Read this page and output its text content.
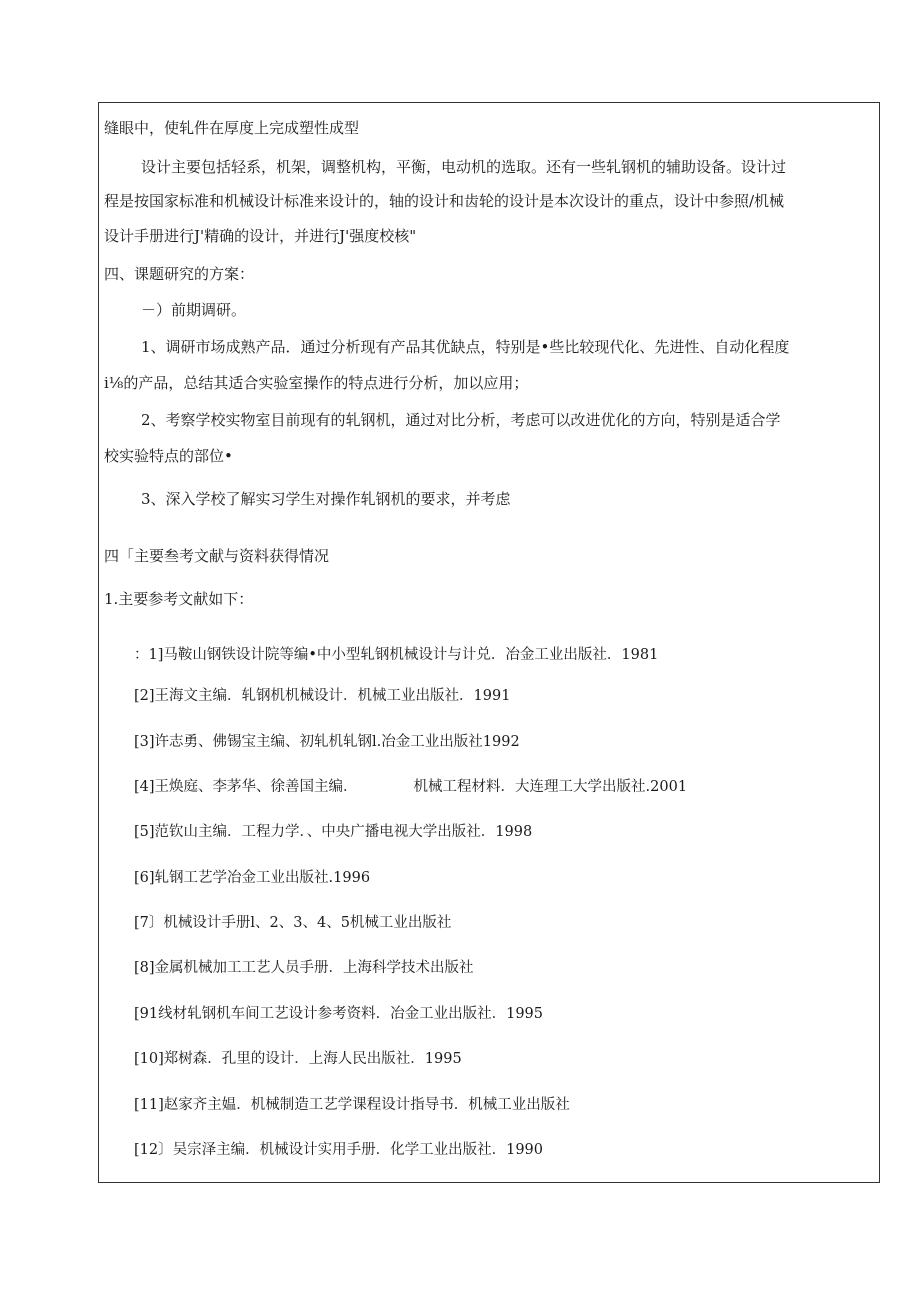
缝眼中，使轧件在厚度上完成塑性成型
设计主要包括轻系，机架，调整机构，平衡，电动机的选取。还有一些轧钢机的辅助设备。设计过
程是按国家标准和机械设计标准来设计的，轴的设计和齿轮的设计是本次设计的重点，设计中参照/机械
设计手册进行J'精确的设计，并进行J'强度校核"
四、课题研究的方案：
－）前期调研。
1、调研市场成熟产品．通过分析现有产品其优缺点，特别是•些比较现代化、先进性、自动化程度
i⅛的产品，总结其适合实验室操作的特点进行分析，加以应用；
2、考察学校实物室目前现有的轧钢机，通过对比分析，考虑可以改进优化的方向，特别是适合学
校实验特点的部位•
3、深入学校了解实习学生对操作轧钢机的要求，并考虑
四「主要叁考文献与资料获得情况
1.主要参考文献如下：
：1]马鞍山钢铁设计院等编•中小型轧钢机械设计与计兑．冶金工业出版社．1981
[2]王海文主编．轧钢机机械设计．机械工业出版社．1991
[3]许志勇、佛锡宝主编、初轧机轧钢l.冶金工业出版社1992
[4]王焕庭、李茅华、徐善国主编．	机械工程材料．大连理工大学出版社.2001
[5]范钦山主编．工程力学．、中央广播电视大学出版社．1998
[6]轧钢工艺学冶金工业出版社.1996
[7〕机械设计手册l、2、3、4、5机械工业出版社
[8]金属机械加工工艺人员手册．上海科学技术出版社
[91线材轧钢机车间工艺设计参考资料．冶金工业出版社．1995
[10]郑树森．孔里的设计．上海人民出版社．1995
[11]赵家齐主媪．机械制造工艺学课程设计指导书．机械工业出版社
[12〕吴宗泽主编．机械设计实用手册．化学工业出版社．1990
